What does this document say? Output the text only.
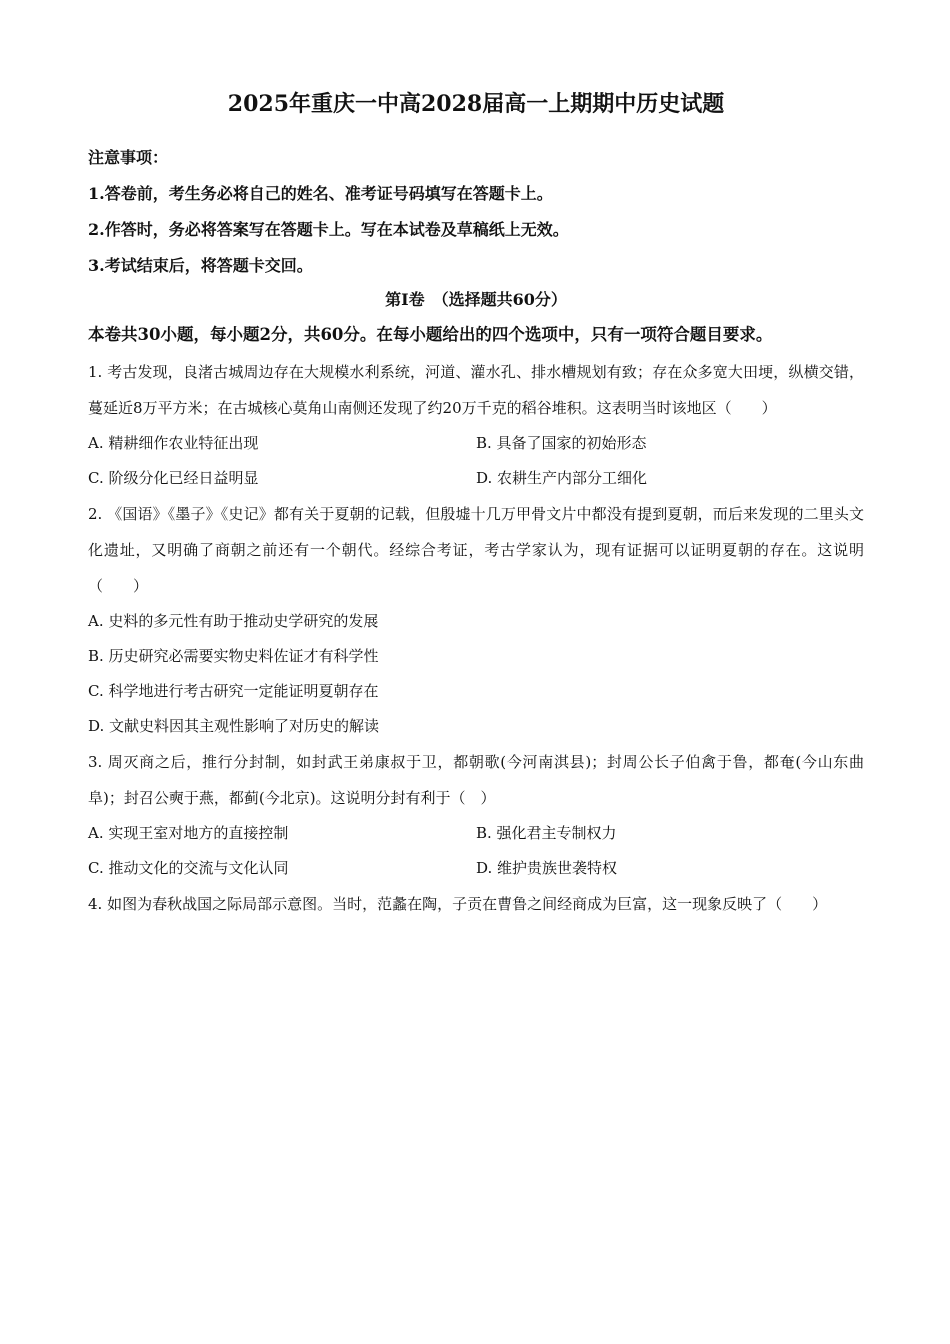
2025年重庆一中高2028届高一上期期中历史试题

注意事项：

1.答卷前，考生务必将自己的姓名、准考证号码填写在答题卡上。

2.作答时，务必将答案写在答题卡上。写在本试卷及草稿纸上无效。

3.考试结束后，将答题卡交回。

第Ⅰ卷　（选择题共60分）

本卷共30小题，每小题2分，共60分。在每小题给出的四个选项中，只有一项符合题目要求。

1. 考古发现，良渚古城周边存在大规模水利系统，河道、灌水孔、排水槽规划有致；存在众多宽大田埂，纵横交错，蔓延近8万平方米；在古城核心莫角山南侧还发现了约20万千克的稻谷堆积。这表明当时该地区（　　）

A. 精耕细作农业特征出现	B. 具备了国家的初始形态

C. 阶级分化已经日益明显	D. 农耕生产内部分工细化

2. 《国语》《墨子》《史记》都有关于夏朝的记载，但殷墟十几万甲骨文片中都没有提到夏朝，而后来发现的二里头文化遗址，又明确了商朝之前还有一个朝代。经综合考证，考古学家认为，现有证据可以证明夏朝的存在。这说明（　　）

A. 史料的多元性有助于推动史学研究的发展

B. 历史研究必需要实物史料佐证才有科学性

C. 科学地进行考古研究一定能证明夏朝存在

D. 文献史料因其主观性影响了对历史的解读

3. 周灭商之后，推行分封制，如封武王弟康叔于卫，都朝歌(今河南淇县)；封周公长子伯禽于鲁，都奄(今山东曲阜)；封召公奭于燕，都蓟(今北京)。这说明分封有利于（　）

A. 实现王室对地方的直接控制	B. 强化君主专制权力

C. 推动文化的交流与文化认同	D. 维护贵族世袭特权

4. 如图为春秋战国之际局部示意图。当时，范蠡在陶，子贡在曹鲁之间经商成为巨富，这一现象反映了（　　）
